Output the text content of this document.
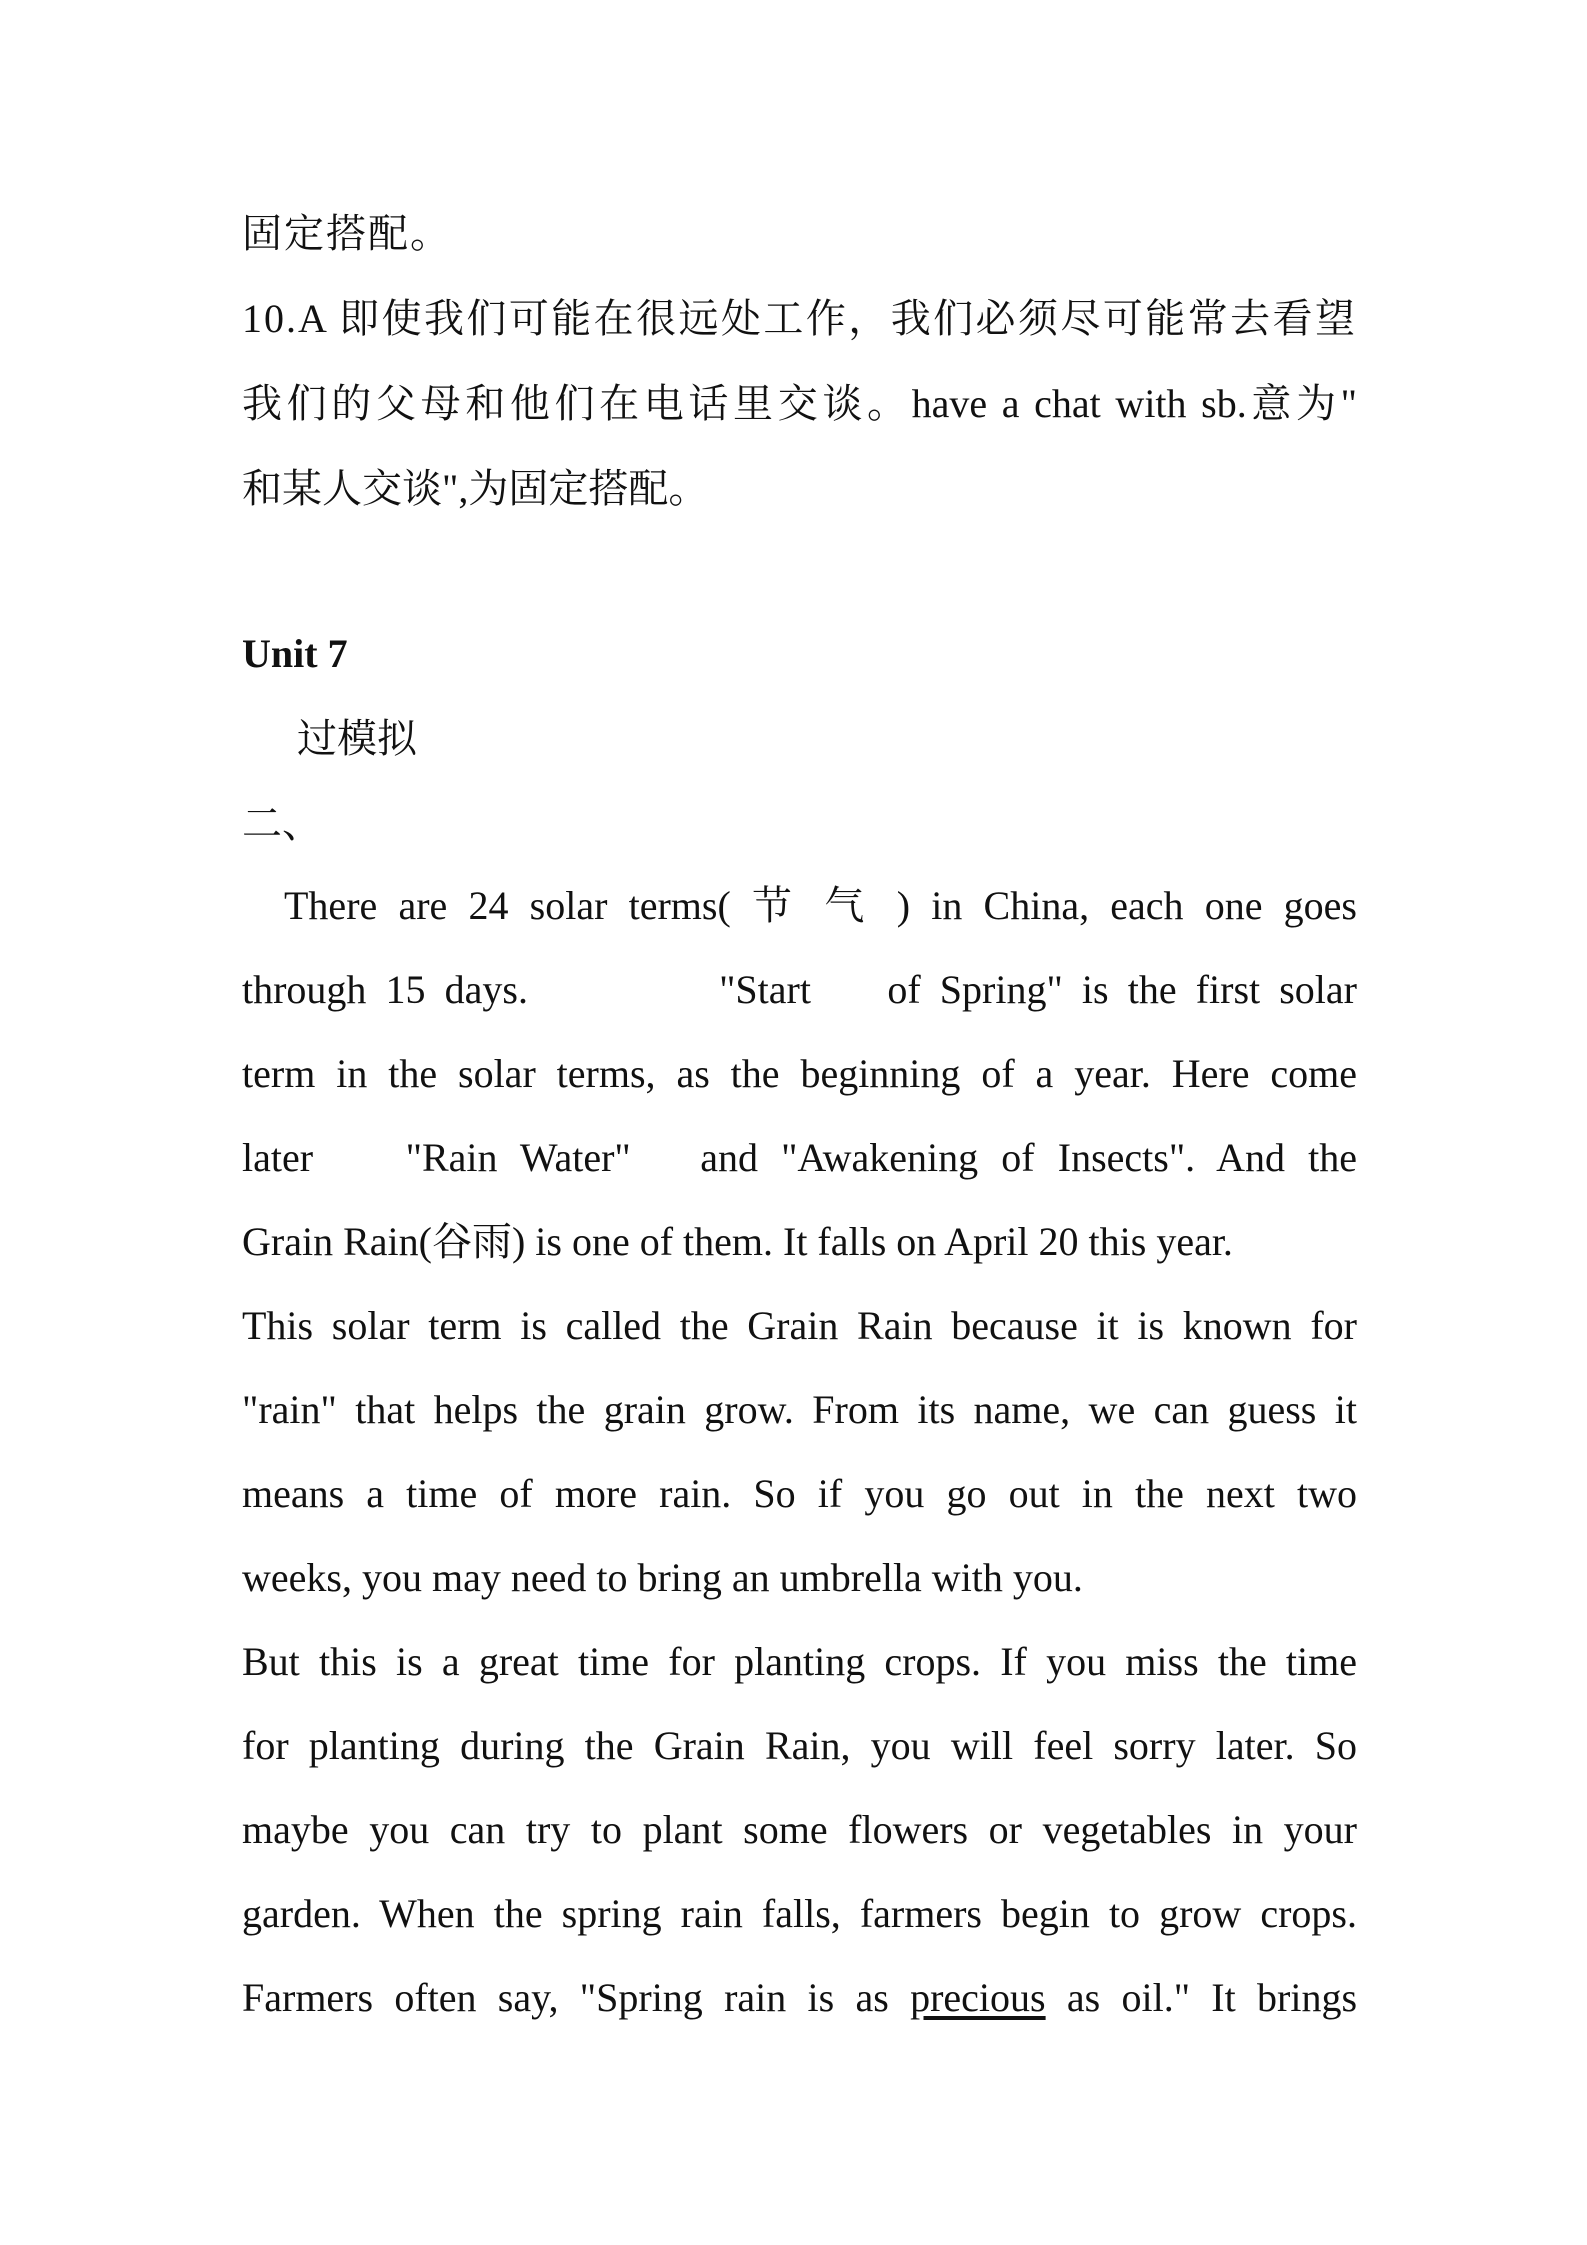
固定搭配。
10.A 即使我们可能在很远处工作，我们必须尽可能常去看望
我们的父母和他们在电话里交谈。have a chat with sb.意为"
和某人交谈",为固定搭配。
Unit 7
过模拟
二、
There are 24 solar terms( 节 气 ) in China, each one goes
through 15 days.          "Start    of Spring" is the first solar
term in the solar terms, as the beginning of a year. Here come
later    "Rain Water"   and "Awakening of Insects". And the
Grain Rain(谷雨) is one of them. It falls on April 20 this year.
This solar term is called the Grain Rain because it is known for
"rain" that helps the grain grow. From its name, we can guess it
means a time of more rain. So if you go out in the next two
weeks, you may need to bring an umbrella with you.
But this is a great time for planting crops. If you miss the time
for planting during the Grain Rain, you will feel sorry later. So
maybe you can try to plant some flowers or vegetables in your
garden. When the spring rain falls, farmers begin to grow crops.
Farmers often say, "Spring rain is as precious as oil." It brings
